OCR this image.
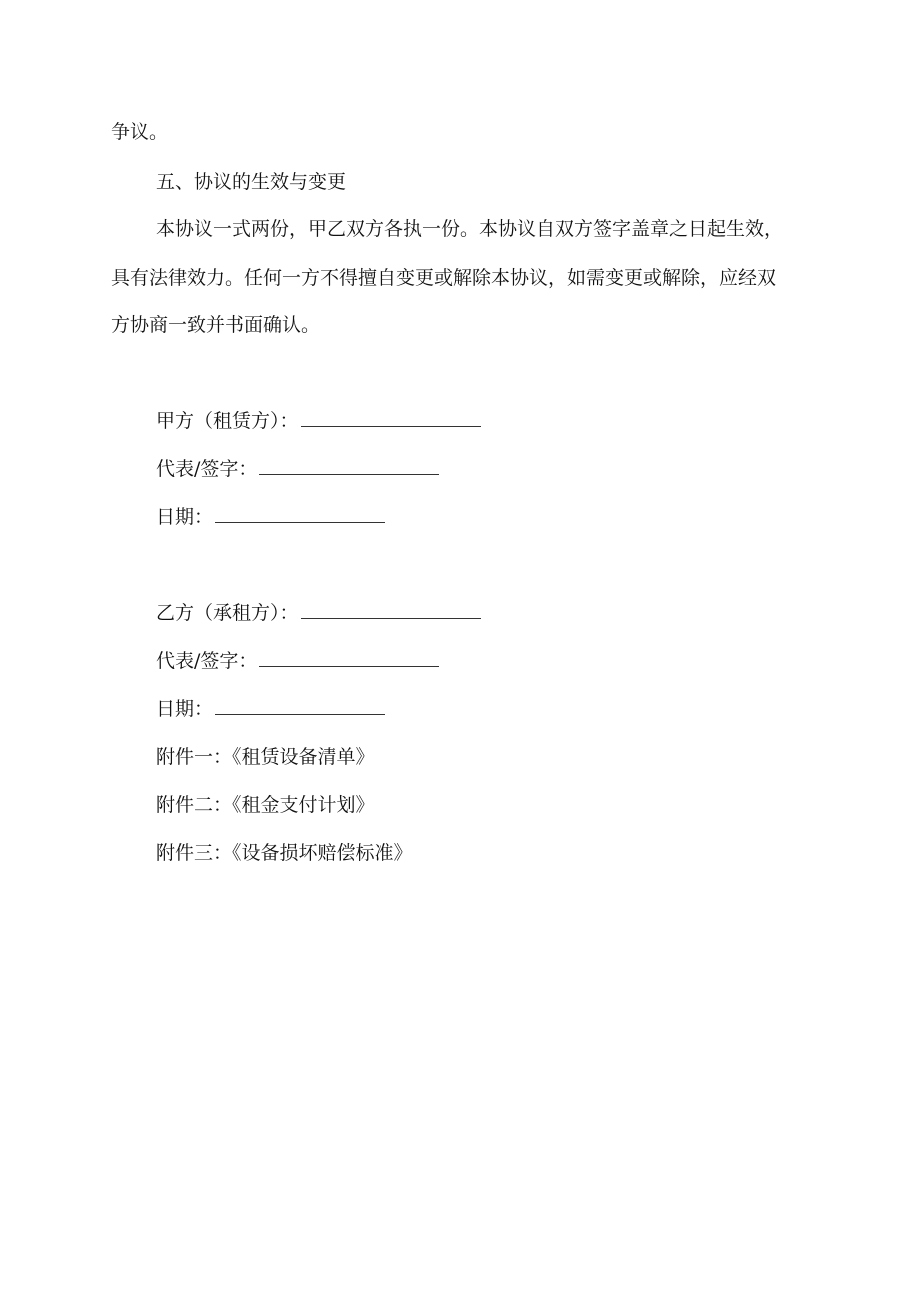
争议。
五、协议的生效与变更
本协议一式两份，甲乙双方各执一份。本协议自双方签字盖章之日起生效，
具有法律效力。任何一方不得擅自变更或解除本协议，如需变更或解除，应经双
方协商一致并书面确认。
甲方（租赁方）：
代表/签字：
日期：
乙方（承租方）：
代表/签字：
日期：
附件一：《租赁设备清单》
附件二：《租金支付计划》
附件三：《设备损坏赔偿标准》
